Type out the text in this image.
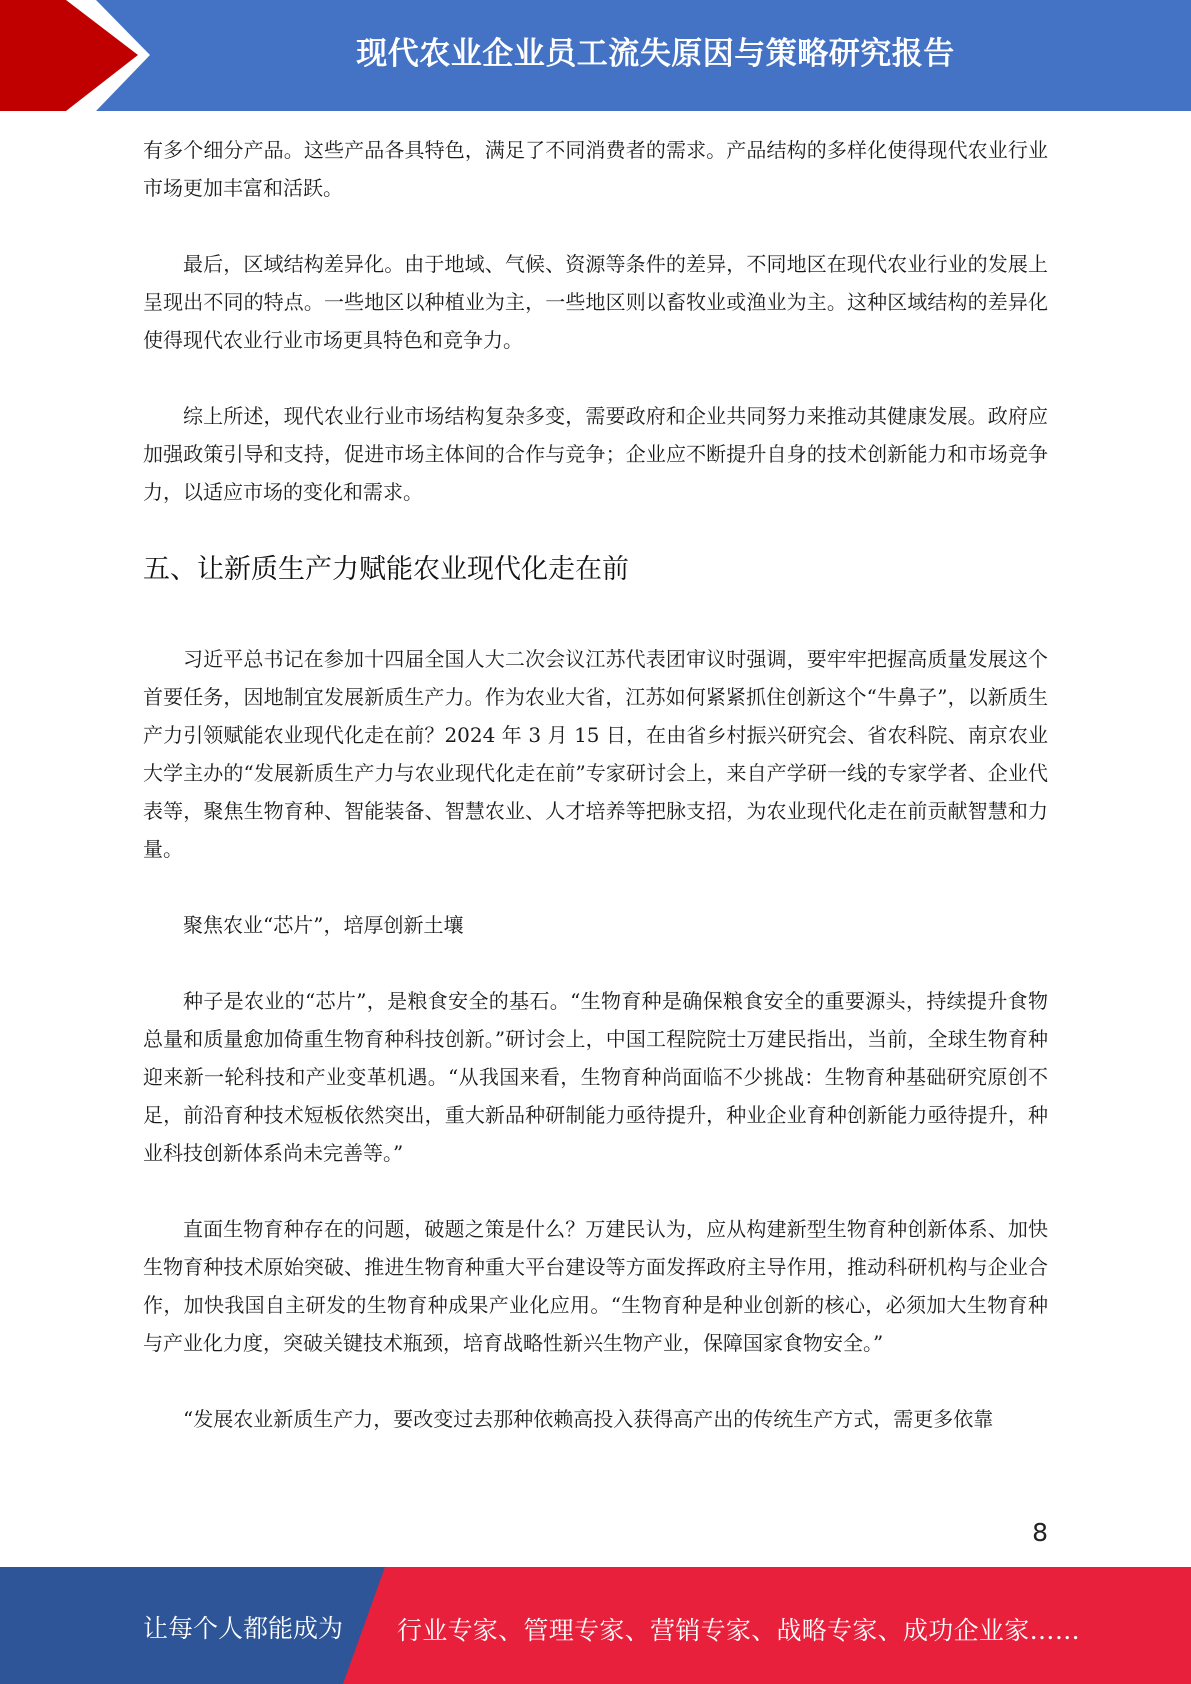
现代农业企业员工流失原因与策略研究报告

有多个细分产品。这些产品各具特色，满足了不同消费者的需求。产品结构的多样化使得现代农业行业市场更加丰富和活跃。

最后，区域结构差异化。由于地域、气候、资源等条件的差异，不同地区在现代农业行业的发展上呈现出不同的特点。一些地区以种植业为主，一些地区则以畜牧业或渔业为主。这种区域结构的差异化使得现代农业行业市场更具特色和竞争力。

综上所述，现代农业行业市场结构复杂多变，需要政府和企业共同努力来推动其健康发展。政府应加强政策引导和支持，促进市场主体间的合作与竞争；企业应不断提升自身的技术创新能力和市场竞争力，以适应市场的变化和需求。

五、让新质生产力赋能农业现代化走在前

习近平总书记在参加十四届全国人大二次会议江苏代表团审议时强调，要牢牢把握高质量发展这个首要任务，因地制宜发展新质生产力。作为农业大省，江苏如何紧紧抓住创新这个“牛鼻子”，以新质生产力引领赋能农业现代化走在前？2024 年 3 月 15 日，在由省乡村振兴研究会、省农科院、南京农业大学主办的“发展新质生产力与农业现代化走在前”专家研讨会上，来自产学研一线的专家学者、企业代表等，聚焦生物育种、智能装备、智慧农业、人才培养等把脉支招，为农业现代化走在前贡献智慧和力量。

聚焦农业“芯片”，培厚创新土壤

种子是农业的“芯片”，是粮食安全的基石。“生物育种是确保粮食安全的重要源头，持续提升食物总量和质量愈加倚重生物育种科技创新。”研讨会上，中国工程院院士万建民指出，当前，全球生物育种迎来新一轮科技和产业变革机遇。“从我国来看，生物育种尚面临不少挑战：生物育种基础研究原创不足，前沿育种技术短板依然突出，重大新品种研制能力亟待提升，种业企业育种创新能力亟待提升，种业科技创新体系尚未完善等。”

直面生物育种存在的问题，破题之策是什么？万建民认为，应从构建新型生物育种创新体系、加快生物育种技术原始突破、推进生物育种重大平台建设等方面发挥政府主导作用，推动科研机构与企业合作，加快我国自主研发的生物育种成果产业化应用。“生物育种是种业创新的核心，必须加大生物育种与产业化力度，突破关键技术瓶颈，培育战略性新兴生物产业，保障国家食物安全。”

“发展农业新质生产力，要改变过去那种依赖高投入获得高产出的传统生产方式，需更多依靠

8
让每个人都能成为 行业专家、管理专家、营销专家、战略专家、成功企业家……
